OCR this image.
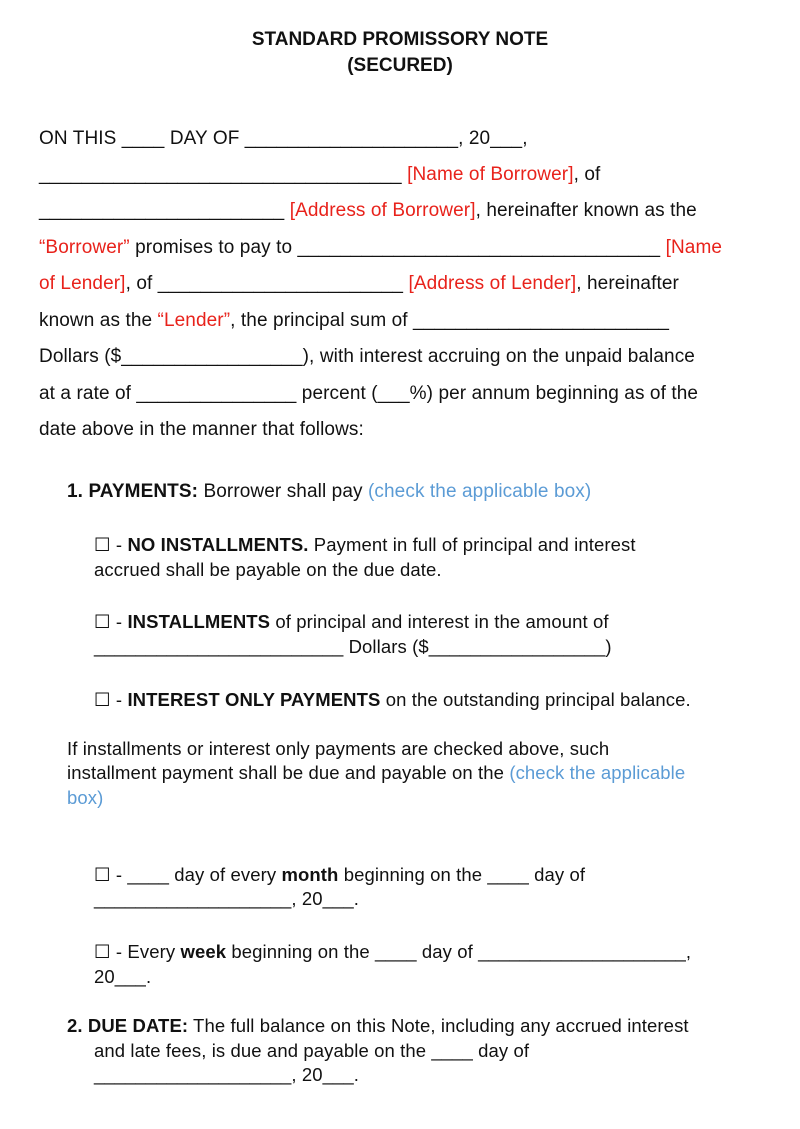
STANDARD PROMISSORY NOTE
(SECURED)
ON THIS ____ DAY OF ____________________, 20___,
__________________________________ [Name of Borrower], of
_______________________ [Address of Borrower], hereinafter known as the
“Borrower” promises to pay to __________________________________ [Name
of Lender], of _______________________ [Address of Lender], hereinafter
known as the “Lender”, the principal sum of ________________________
Dollars ($_________________), with interest accruing on the unpaid balance
at a rate of _______________ percent (___%) per annum beginning as of the
date above in the manner that follows:
1. PAYMENTS: Borrower shall pay (check the applicable box)
☐ - NO INSTALLMENTS. Payment in full of principal and interest
accrued shall be payable on the due date.
☐ - INSTALLMENTS of principal and interest in the amount of
________________________ Dollars ($_________________)
☐ - INTEREST ONLY PAYMENTS on the outstanding principal balance.
If installments or interest only payments are checked above, such
installment payment shall be due and payable on the (check the applicable
box)
☐ - ____ day of every month beginning on the ____ day of
___________________, 20___.
☐ - Every week beginning on the ____ day of ____________________,
20___.
2. DUE DATE: The full balance on this Note, including any accrued interest
and late fees, is due and payable on the ____ day of
___________________, 20___.
